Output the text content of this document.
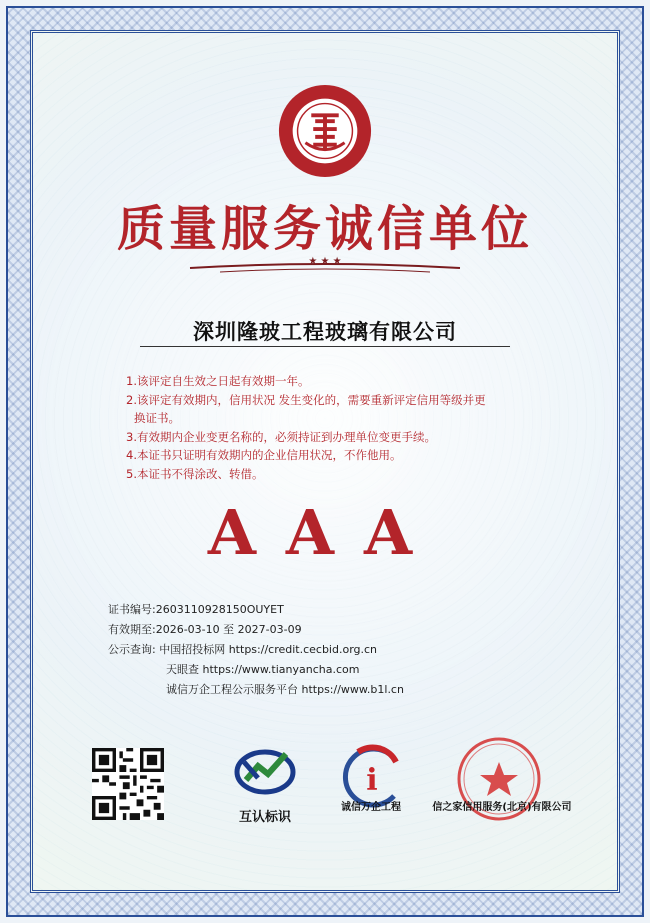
质量服务诚信单位
★ ★ ★
深圳隆玻工程玻璃有限公司
1.该评定自生效之日起有效期一年。
2.该评定有效期内，信用状况 发生变化的，需要重新评定信用等级并更
换证书。
3.有效期内企业变更名称的，必须持证到办理单位变更手续。
4.本证书只证明有效期内的企业信用状况，不作他用。
5.本证书不得涂改、转借。
AAA
证书编号:2603110928150OUYET
有效期至:2026-03-10 至 2027-03-09
公示查询: 中国招投标网 https://credit.cecbid.org.cn
天眼查 https://www.tianyancha.com
诚信万企工程公示服务平台 https://www.b1l.cn
互认标识
i
诚信万企工程	信之家信用服务(北京)有限公司
